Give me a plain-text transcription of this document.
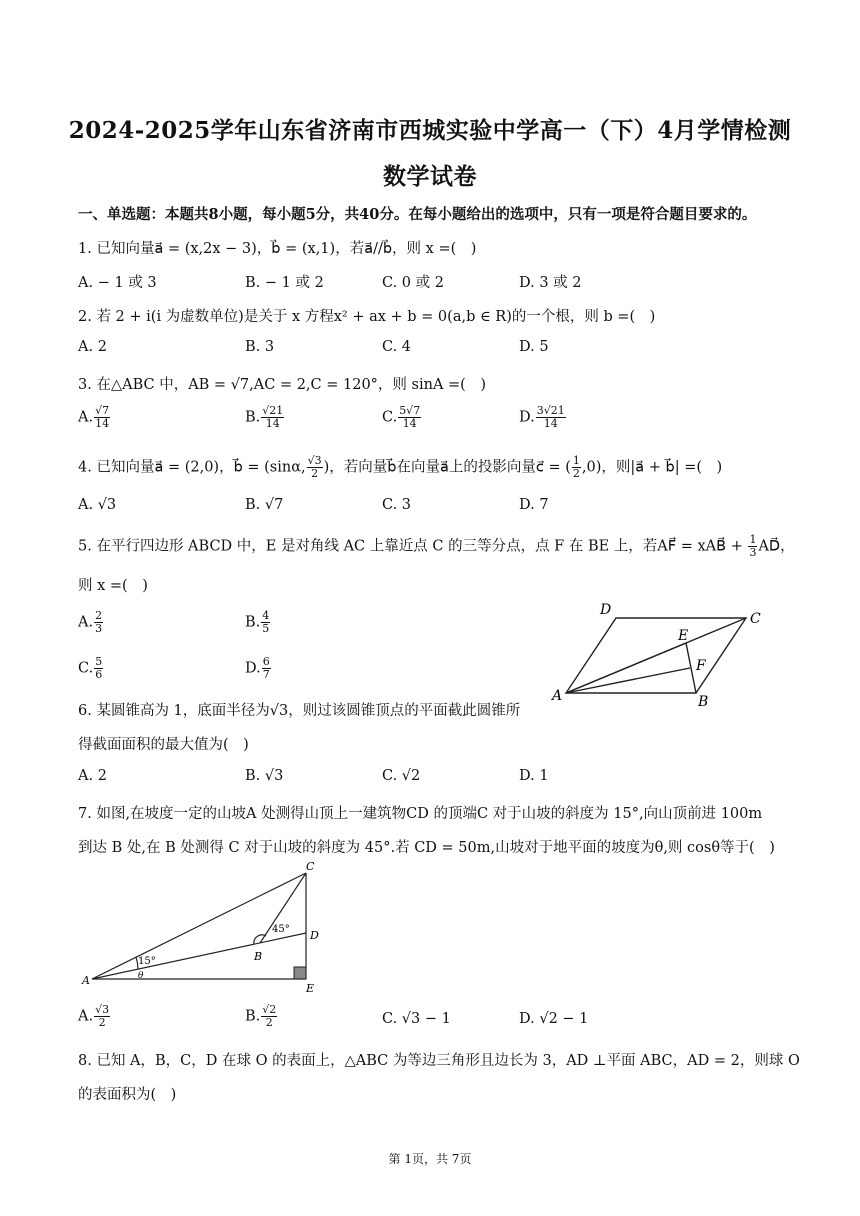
2024-2025学年山东省济南市西城实验中学高一（下）4月学情检测
数学试卷
一、单选题：本题共8小题，每小题5分，共40分。在每小题给出的选项中，只有一项是符合题目要求的。
1. 已知向量a⃗ = (x,2x − 3)，b⃗ = (x,1)，若a⃗//b⃗，则 x =(　)
A. − 1 或 3	B. − 1 或 2	C. 0 或 2	D. 3 或 2
2. 若 2 + i(i 为虚数单位)是关于 x 方程x² + ax + b = 0(a,b ∈ R)的一个根，则 b =(　)
A. 2	B. 3	C. 4	D. 5
3. 在△ABC 中，AB = √7,AC = 2,C = 120°，则 sinA =(　)
A. $\frac{√7}{14}$	B. $\frac{√21}{14}$	C. $\frac{5√7}{14}$	D. $\frac{3√21}{14}$
4. 已知向量a⃗ = (2,0)，b⃗ = (sinα, $\frac{√3}{2}$ )，若向量b⃗在向量a⃗上的投影向量c⃗ = ( $\frac{1}{2} ,0$)，则|a⃗ + b⃗| =(　)
A. √3	B. √7	C. 3	D. 7
5. 在平行四边形 ABCD 中，E 是对角线 AC 上靠近点 C 的三等分点，点 F 在 BE 上，若AF⃗ = xAB⃗ + $\frac{1}{3}$ AD⃗，
则 x =(　)
A. $\frac{2}{3}$	B. $\frac{4}{5}$
C. $\frac{5}{6}$	D. $\frac{6}{7}$
D
C
E
F
A	B
6. 某圆锥高为 1，底面半径为√3，则过该圆锥顶点的平面截此圆锥所
得截面面积的最大值为(　)
A. 2	B. √3	C. √2	D. 1
7. 如图,在坡度一定的山坡A 处测得山顶上一建筑物CD 的顶端C 对于山坡的斜度为 15°,向山顶前进 100m
到达 B 处,在 B 处测得 C 对于山坡的斜度为 45°.若 CD = 50m,山坡对于地平面的坡度为θ,则 cosθ等于(　)
C
45° D
15°	B
θ
A
E
A. $\frac{√3}{2}$	B. $\frac{√2}{2}$	C. √3 − 1	D. √2 − 1
8. 已知 A，B，C，D 在球 O 的表面上，△ABC 为等边三角形且边长为 3，AD ⊥平面 ABC，AD = 2，则球 O
的表面积为(　)
第 1页，共 7页
